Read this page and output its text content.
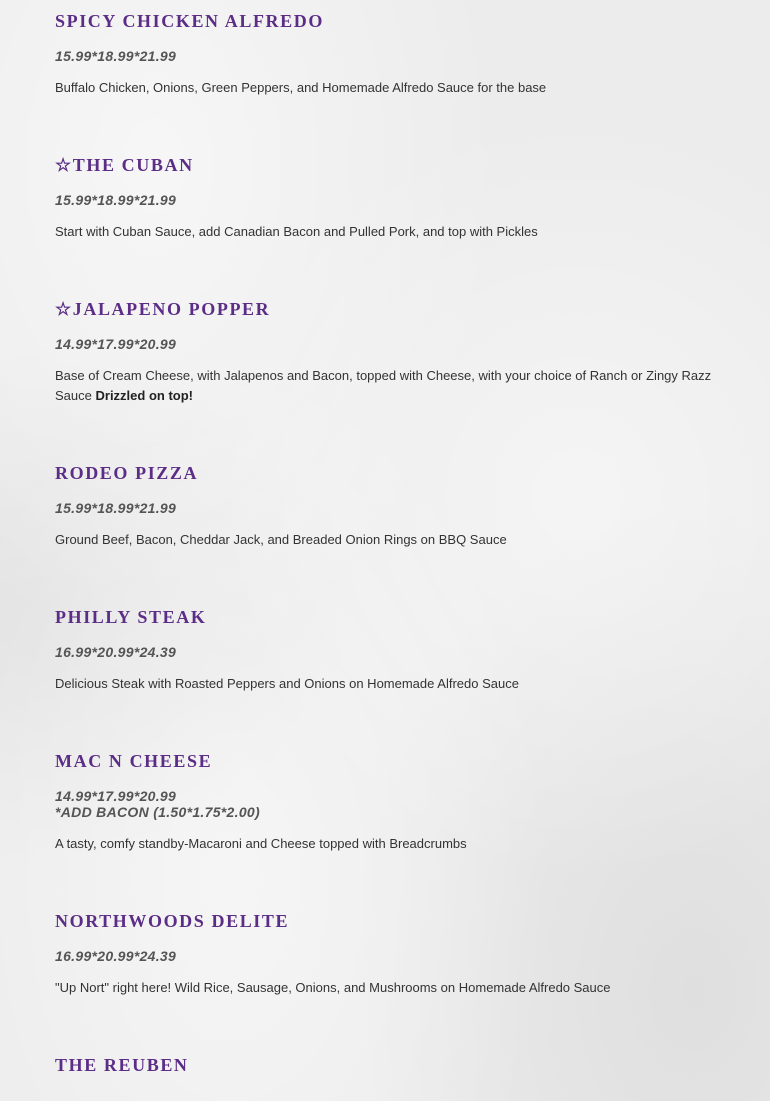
SPICY CHICKEN ALFREDO
15.99*18.99*21.99

Buffalo Chicken, Onions, Green Peppers, and Homemade Alfredo Sauce for the base

☆THE CUBAN
15.99*18.99*21.99

Start with Cuban Sauce, add Canadian Bacon and Pulled Pork, and top with Pickles

☆JALAPENO POPPER
14.99*17.99*20.99

Base of Cream Cheese, with Jalapenos and Bacon, topped with Cheese, with your choice of Ranch or Zingy Razz Sauce Drizzled on top!

RODEO PIZZA
15.99*18.99*21.99

Ground Beef, Bacon, Cheddar Jack, and Breaded Onion Rings on BBQ Sauce

PHILLY STEAK
16.99*20.99*24.39

Delicious Steak with Roasted Peppers and Onions on Homemade Alfredo Sauce

MAC N CHEESE
14.99*17.99*20.99
*ADD BACON (1.50*1.75*2.00)

A tasty, comfy standby-Macaroni and Cheese topped with Breadcrumbs

NORTHWOODS DELITE
16.99*20.99*24.39

"Up Nort" right here! Wild Rice, Sausage, Onions, and Mushrooms on Homemade Alfredo Sauce

THE REUBEN
